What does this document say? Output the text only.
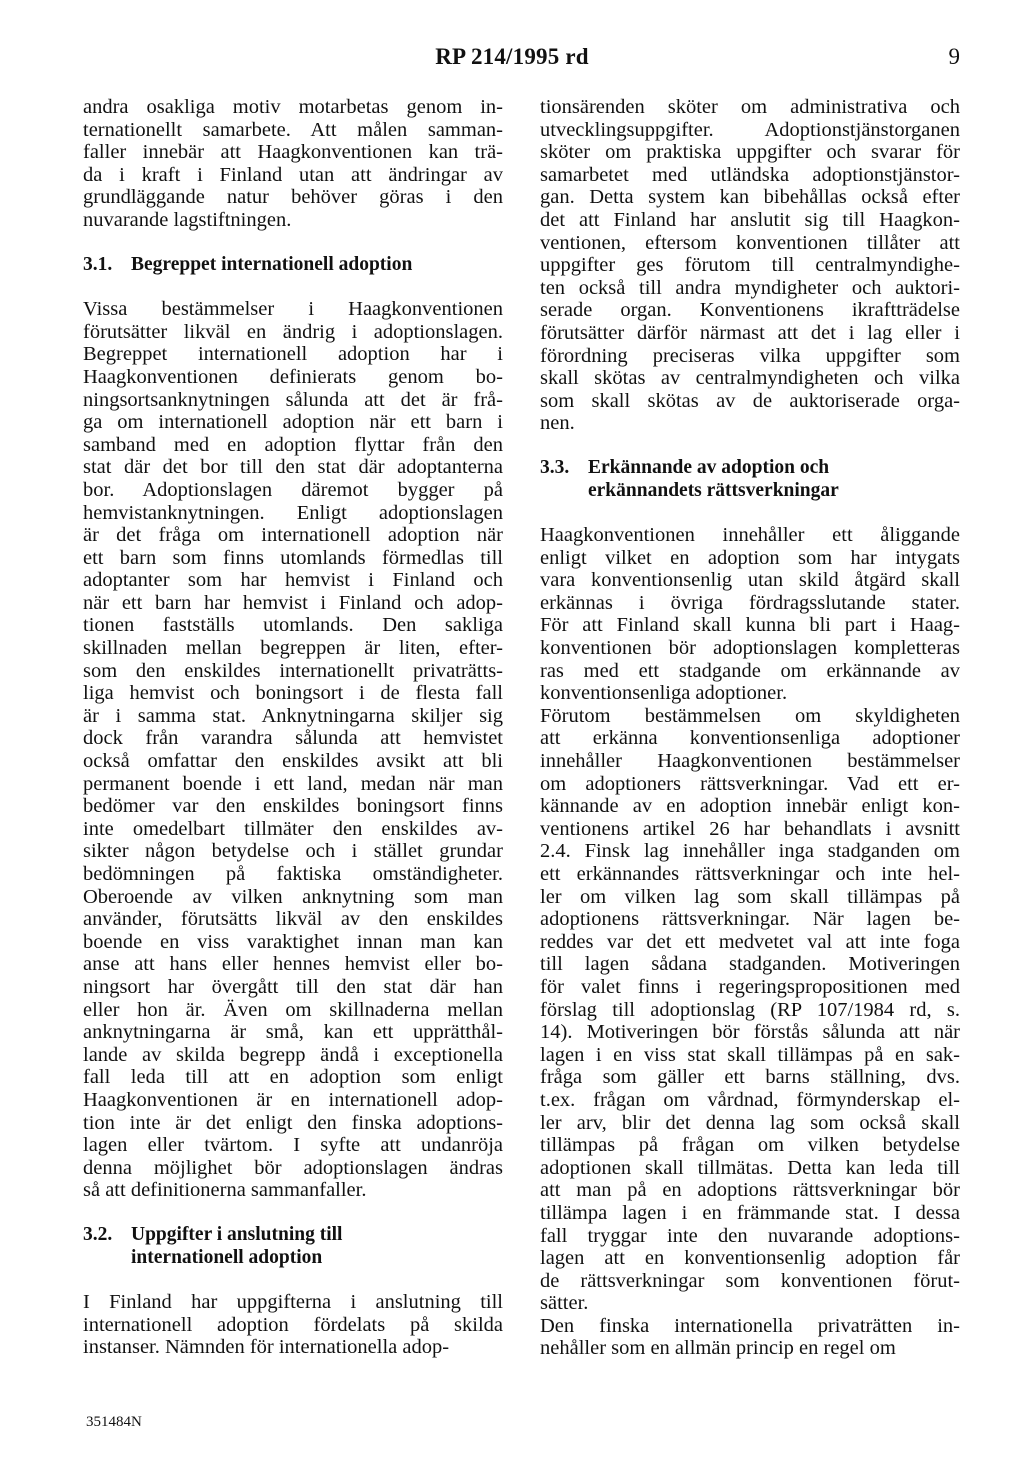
RP 214/1995 rd	9
andra osakliga motiv motarbetas genom in-
ternationellt samarbete. Att målen samman-
faller innebär att Haagkonventionen kan trä-
da i kraft i Finland utan att ändringar av
grundläggande natur behöver göras i den
nuvarande lagstiftningen.
3.1. Begreppet internationell adoption
Vissa bestämmelser i Haagkonventionen
förutsätter likväl en ändrig i adoptionslagen.
Begreppet internationell adoption har i
Haagkonventionen definierats genom bo-
ningsortsanknytningen sålunda att det är frå-
ga om internationell adoption när ett barn i
samband med en adoption flyttar från den
stat där det bor till den stat där adoptanterna
bor. Adoptionslagen däremot bygger på
hemvistanknytningen. Enligt adoptionslagen
är det fråga om internationell adoption när
ett barn som finns utomlands förmedlas till
adoptanter som har hemvist i Finland och
när ett barn har hemvist i Finland och adop-
tionen fastställs utomlands. Den sakliga
skillnaden mellan begreppen är liten, efter-
som den enskildes internationellt privaträtts-
liga hemvist och boningsort i de flesta fall
är i samma stat. Anknytningarna skiljer sig
dock från varandra sålunda att hemvistet
också omfattar den enskildes avsikt att bli
permanent boende i ett land, medan när man
bedömer var den enskildes boningsort finns
inte omedelbart tillmäter den enskildes av-
sikter någon betydelse och i stället grundar
bedömningen på faktiska omständigheter.
Oberoende av vilken anknytning som man
använder, förutsätts likväl av den enskildes
boende en viss varaktighet innan man kan
anse att hans eller hennes hemvist eller bo-
ningsort har övergått till den stat där han
eller hon är. Även om skillnaderna mellan
anknytningarna är små, kan ett upprätthål-
lande av skilda begrepp ändå i exceptionella
fall leda till att en adoption som enligt
Haagkonventionen är en internationell adop-
tion inte är det enligt den finska adoptions-
lagen eller tvärtom. I syfte att undanröja
denna möjlighet bör adoptionslagen ändras
så att definitionerna sammanfaller.
3.2. Uppgifter i anslutning till
internationell adoption
I Finland har uppgifterna i anslutning till
internationell adoption fördelats på skilda
instanser. Nämnden för internationella adop-
tionsärenden sköter om administrativa och
utvecklingsuppgifter. Adoptionstjänstorganen
sköter om praktiska uppgifter och svarar för
samarbetet med utländska adoptionstjänstor-
gan. Detta system kan bibehållas också efter
det att Finland har anslutit sig till Haagkon-
ventionen, eftersom konventionen tillåter att
uppgifter ges förutom till centralmyndighe-
ten också till andra myndigheter och auktori-
serade organ. Konventionens ikraftträdelse
förutsätter därför närmast att det i lag eller i
förordning preciseras vilka uppgifter som
skall skötas av centralmyndigheten och vilka
som skall skötas av de auktoriserade orga-
nen.
3.3. Erkännande av adoption och
erkännandets rättsverkningar
Haagkonventionen innehåller ett åliggande
enligt vilket en adoption som har intygats
vara konventionsenlig utan skild åtgärd skall
erkännas i övriga fördragsslutande stater.
För att Finland skall kunna bli part i Haag-
konventionen bör adoptionslagen kompletteras
ras med ett stadgande om erkännande av
konventionsenliga adoptioner.
Förutom bestämmelsen om skyldigheten
att erkänna konventionsenliga adoptioner
innehåller Haagkonventionen bestämmelser
om adoptioners rättsverkningar. Vad ett er-
kännande av en adoption innebär enligt kon-
ventionens artikel 26 har behandlats i avsnitt
2.4. Finsk lag innehåller inga stadganden om
ett erkännandes rättsverkningar och inte hel-
ler om vilken lag som skall tillämpas på
adoptionens rättsverkningar. När lagen be-
reddes var det ett medvetet val att inte foga
till lagen sådana stadganden. Motiveringen
för valet finns i regeringspropositionen med
förslag till adoptionslag (RP 107/1984 rd, s.
14). Motiveringen bör förstås sålunda att när
lagen i en viss stat skall tillämpas på en sak-
fråga som gäller ett barns ställning, dvs.
t.ex. frågan om vårdnad, förmynderskap el-
ler arv, blir det denna lag som också skall
tillämpas på frågan om vilken betydelse
adoptionen skall tillmätas. Detta kan leda till
att man på en adoptions rättsverkningar bör
tillämpa lagen i en främmande stat. I dessa
fall tryggar inte den nuvarande adoptions-
lagen att en konventionsenlig adoption får
de rättsverkningar som konventionen förut-
sätter.
Den finska internationella privaträtten in-
nehåller som en allmän princip en regel om
351484N
